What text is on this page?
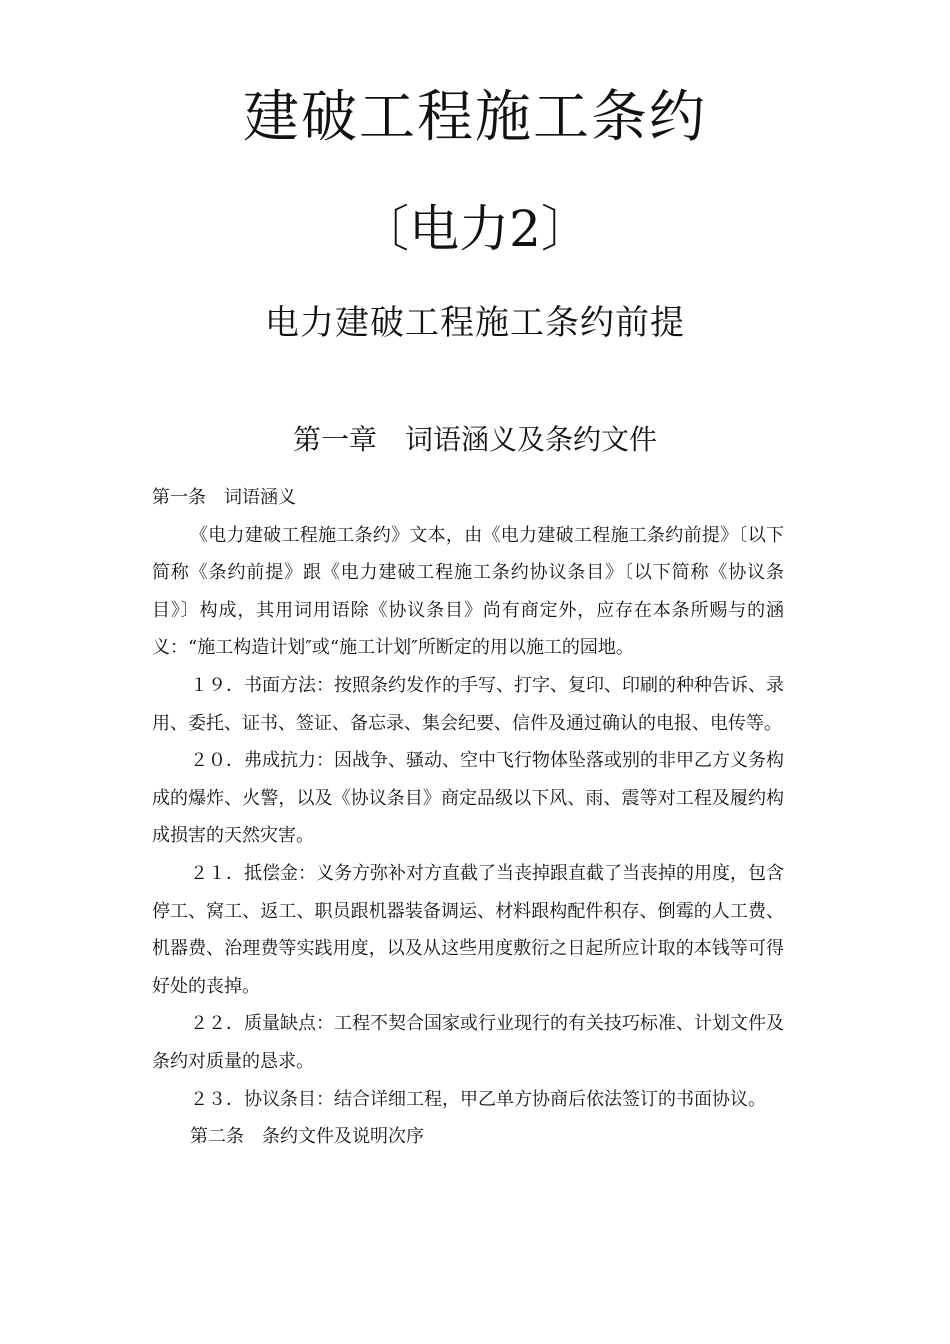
建破工程施工条约
〔电力2〕
电力建破工程施工条约前提
第一章　词语涵义及条约文件

第一条　词语涵义

《电力建破工程施工条约》文本，由《电力建破工程施工条约前提》〔以下简称《条约前提》跟《电力建破工程施工条约协议条目》〔以下简称《协议条目》〕构成，其用词用语除《协议条目》尚有商定外，应存在本条所赐与的涵义：“施工构造计划″或“施工计划″所断定的用以施工的园地。

１９．书面方法：按照条约发作的手写、打字、复印、印刷的种种告诉、录用、委托、证书、签证、备忘录、集会纪要、信件及通过确认的电报、电传等。

２０．弗成抗力：因战争、骚动、空中飞行物体坠落或别的非甲乙方义务构成的爆炸、火警，以及《协议条目》商定品级以下风、雨、震等对工程及履约构成损害的天然灾害。

２１．抵偿金：义务方弥补对方直截了当丧掉跟直截了当丧掉的用度，包含停工、窝工、返工、职员跟机器装备调运、材料跟构配件积存、倒霉的人工费、机器费、治理费等实践用度，以及从这些用度敷衍之日起所应计取的本钱等可得好处的丧掉。

２２．质量缺点：工程不契合国家或行业现行的有关技巧标准、计划文件及条约对质量的恳求。

２３．协议条目：结合详细工程，甲乙单方协商后依法签订的书面协议。

第二条　条约文件及说明次序
